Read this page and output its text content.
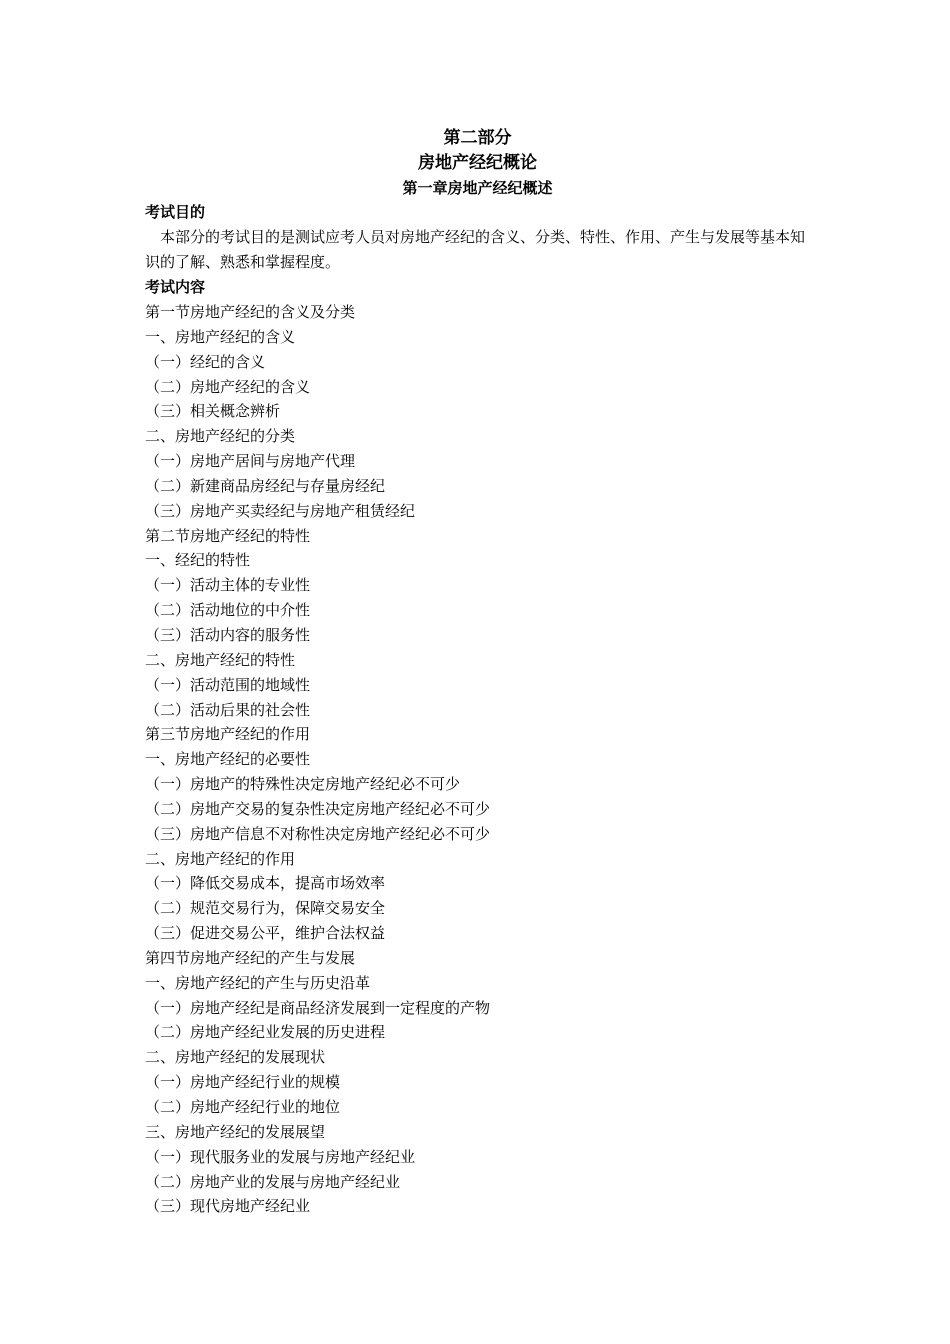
第二部分
房地产经纪概论
第一章房地产经纪概述
考试目的

本部分的考试目的是测试应考人员对房地产经纪的含义、分类、特性、作用、产生与发展等基本知识的了解、熟悉和掌握程度。

考试内容

第一节房地产经纪的含义及分类

一、房地产经纪的含义

（一）经纪的含义

（二）房地产经纪的含义

（三）相关概念辨析

二、房地产经纪的分类

（一）房地产居间与房地产代理

（二）新建商品房经纪与存量房经纪

（三）房地产买卖经纪与房地产租赁经纪

第二节房地产经纪的特性

一、经纪的特性

（一）活动主体的专业性

（二）活动地位的中介性

（三）活动内容的服务性

二、房地产经纪的特性

（一）活动范围的地域性

（二）活动后果的社会性

第三节房地产经纪的作用

一、房地产经纪的必要性

（一）房地产的特殊性决定房地产经纪必不可少

（二）房地产交易的复杂性决定房地产经纪必不可少

（三）房地产信息不对称性决定房地产经纪必不可少

二、房地产经纪的作用

（一）降低交易成本，提高市场效率

（二）规范交易行为，保障交易安全

（三）促进交易公平，维护合法权益

第四节房地产经纪的产生与发展

一、房地产经纪的产生与历史沿革

（一）房地产经纪是商品经济发展到一定程度的产物

（二）房地产经纪业发展的历史进程

二、房地产经纪的发展现状

（一）房地产经纪行业的规模

（二）房地产经纪行业的地位

三、房地产经纪的发展展望

（一）现代服务业的发展与房地产经纪业

（二）房地产业的发展与房地产经纪业

（三）现代房地产经纪业
